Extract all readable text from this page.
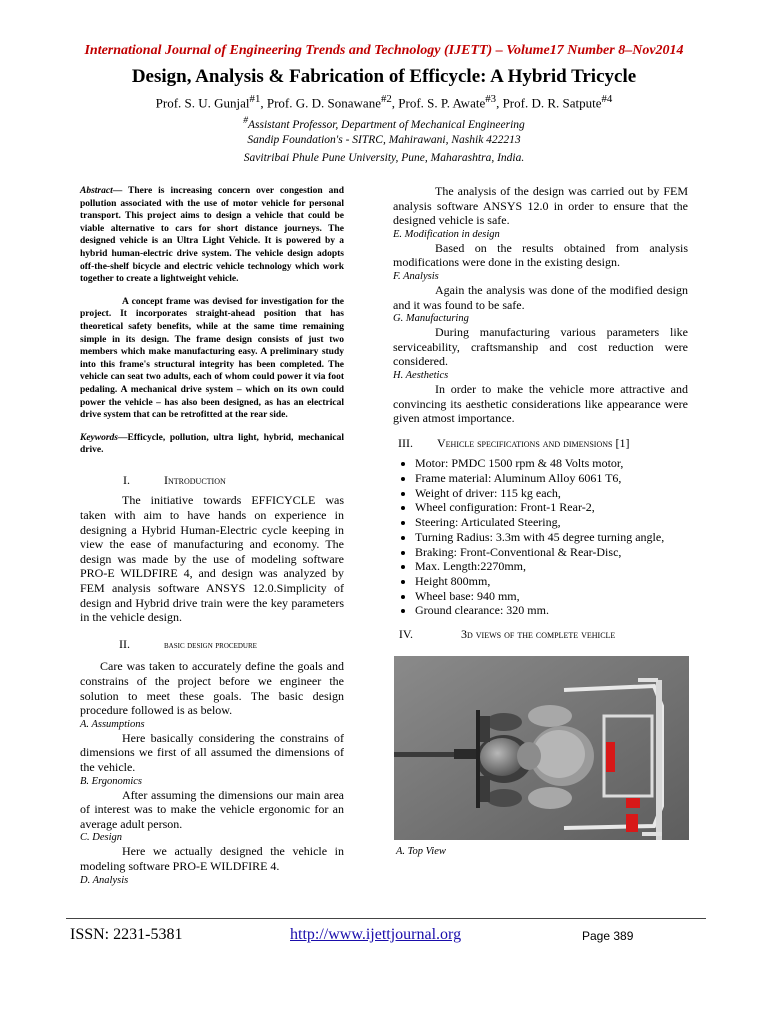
International Journal of Engineering Trends and Technology (IJETT) – Volume17 Number 8–Nov2014
Design, Analysis & Fabrication of Efficycle: A Hybrid Tricycle
Prof. S. U. Gunjal$^{\#1}$, Prof. G. D. Sonawane$^{\#2}$, Prof. S. P. Awate$^{\#3}$, Prof. D. R. Satpute$^{\#4}$
#Assistant Professor, Department of Mechanical Engineering
Sandip Foundation's - SITRC, Mahirawani, Nashik 422213
Savitribai Phule Pune University, Pune, Maharashtra, India.

Abstract— There is increasing concern over congestion and pollution associated with the use of motor vehicle for personal transport. This project aims to design a vehicle that could be viable alternative to cars for short distance journeys. The designed vehicle is an Ultra Light Vehicle. It is powered by a hybrid human-electric drive system. The vehicle design adopts off-the-shelf bicycle and electric vehicle technology which work together to create a lightweight vehicle.

A concept frame was devised for investigation for the project. It incorporates straight-ahead position that has theoretical safety benefits, while at the same time remaining simple in its design. The frame design consists of just two members which make manufacturing easy. A preliminary study into this frame's structural integrity has been completed. The vehicle can seat two adults, each of whom could power it via foot pedaling. A mechanical drive system – which on its own could power the vehicle – has also been designed, as has an electrical drive system that can be retrofitted at the rear side.

Keywords—Efficycle, pollution, ultra light, hybrid, mechanical drive.

I.	Introduction

The initiative towards EFFICYCLE was taken with aim to have hands on experience in designing a Hybrid Human-Electric cycle keeping in view the ease of manufacturing and economy. The design was made by the use of modeling software PRO-E WILDFIRE 4, and design was analyzed by FEM analysis software ANSYS 12.0.Simplicity of design and Hybrid drive train were the key parameters in the vehicle design.

II.	basic design procedure

Care was taken to accurately define the goals and constrains of the project before we engineer the solution to meet these goals. The basic design procedure followed is as below.

A. Assumptions

Here basically considering the constrains of dimensions we first of all assumed the dimensions of the vehicle.

B. Ergonomics

After assuming the dimensions our main area of interest was to make the vehicle ergonomic for an average adult person.

C. Design

Here we actually designed the vehicle in modeling software PRO-E WILDFIRE 4.

D. Analysis

The analysis of the design was carried out by FEM analysis software ANSYS 12.0 in order to ensure that the designed vehicle is safe.

E. Modification in design

Based on the results obtained from analysis modifications were done in the existing design.

F. Analysis

Again the analysis was done of the modified design and it was found to be safe.

G. Manufacturing

During manufacturing various parameters like serviceability, craftsmanship and cost reduction were considered.

H. Aesthetics

In order to make the vehicle more attractive and convincing its aesthetic considerations like appearance were given atmost importance.

III. Vehicle specifications and dimensions [1]
• Motor: PMDC 1500 rpm & 48 Volts motor,
• Frame material: Aluminum Alloy 6061 T6,
• Weight of driver: 115 kg each,
• Wheel configuration: Front-1 Rear-2,
• Steering: Articulated Steering,
• Turning Radius: 3.3m with 45 degree turning angle,
• Braking: Front-Conventional & Rear-Disc,
• Max. Length:2270mm,
• Height 800mm,
• Wheel base: 940 mm,
• Ground clearance: 320 mm.
IV.	3d views of the complete vehicle
A. Top View
ISSN: 2231-5381	http://www.ijettjournal.org	Page 389
